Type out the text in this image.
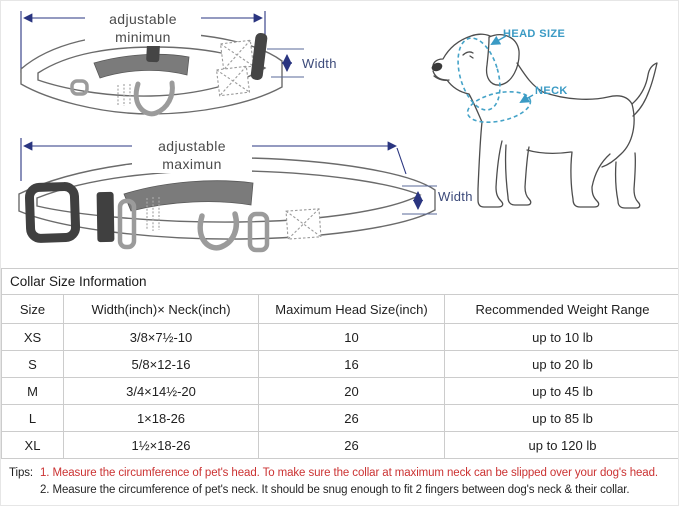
adjustable minimun
adjustable maximun
Width
Width
HEAD SIZE
NECK
Collar Size Information			
Size	Width(inch)× Neck(inch)	Maximum Head Size(inch)	Recommended Weight Range
XS	3/8×7½-10	10	up to 10 lb
S	5/8×12-16	16	up to 20 lb
M	3/4×14½-20	20	up to 45 lb
L	1×18-26	26	up to 85 lb
XL	1½×18-26	26	up to 120 lb
Tips: 1. Measure the circumference of pet's head. To make sure the collar at maximum neck can be slipped over your dog's head.
2. Measure the circumference of pet's neck. It should be snug enough to fit 2 fingers between dog's neck & their collar.
